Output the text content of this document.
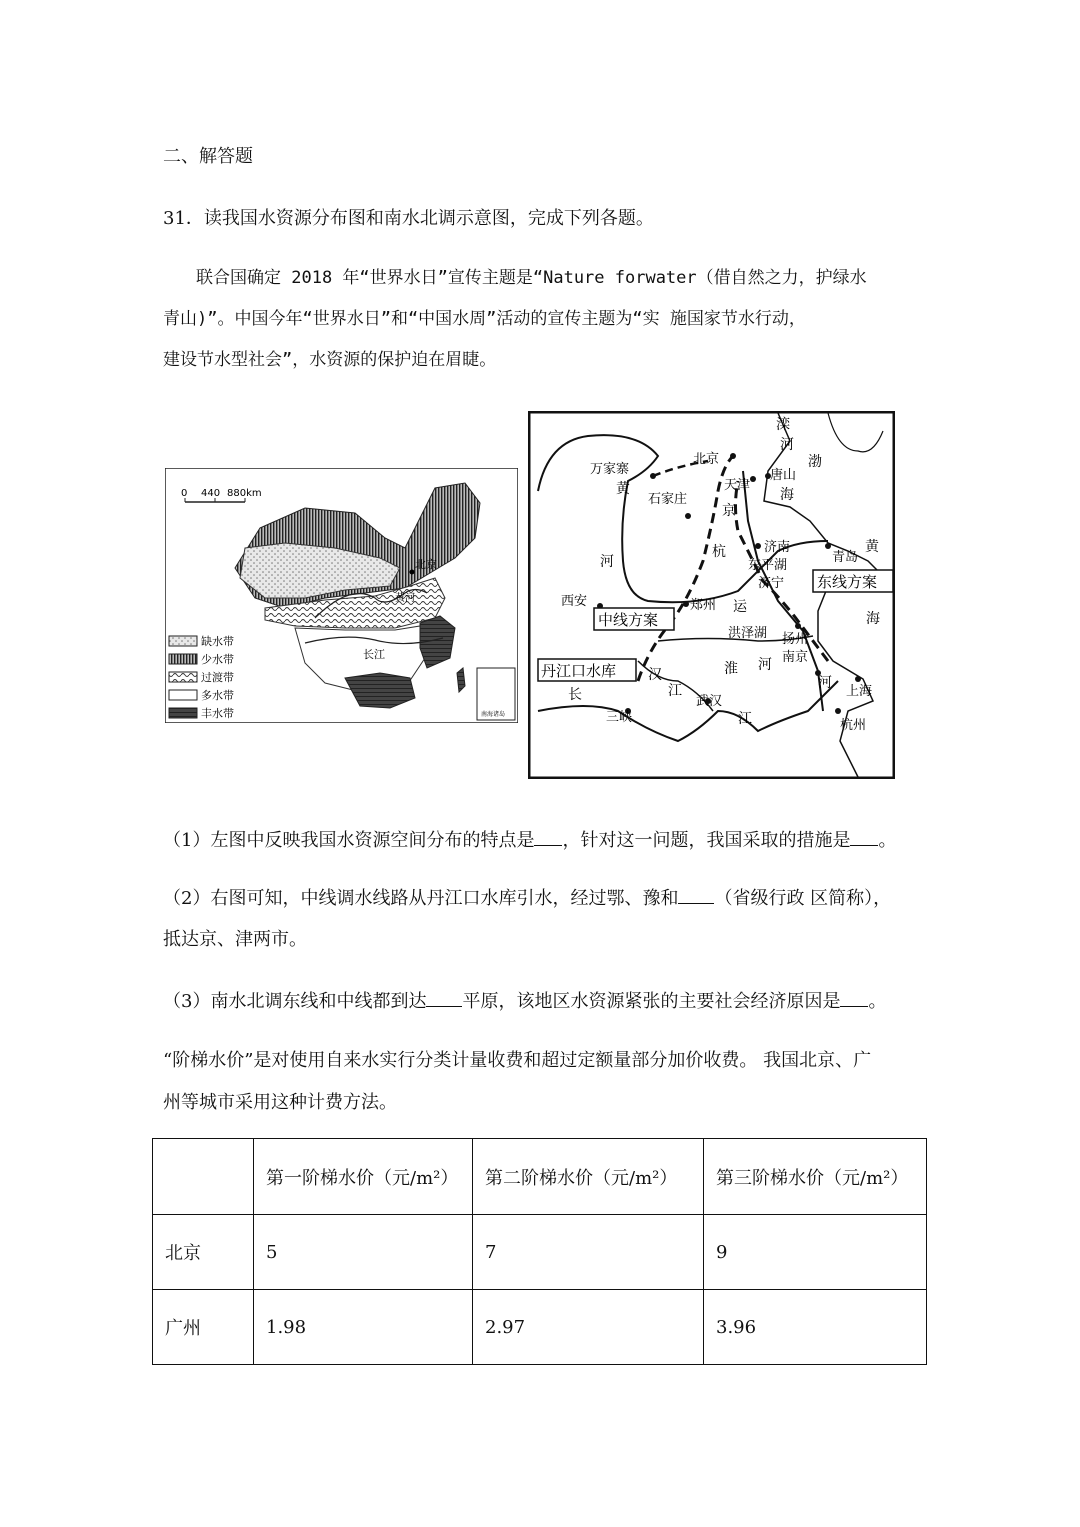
二、解答题
31．读我国水资源分布图和南水北调示意图，完成下列各题。
联合国确定 2018 年“世界水日”宣传主题是“Nature forwater（借自然之力，护绿水
青山)”。中国今年“世界水日”和“中国水周”活动的宣传主题为“实 施国家节水行动，
建设节水型社会”，水资源的保护迫在眉睫。
0 440 880km
北京
黄河
长江
南海诸岛
缺水带
少水带
过渡带
多水带
丰水带
滦
河
渤
北京
万家寨
黄
石家庄
天津
唐山
海
京
济南
青岛
黄
河
杭
东平湖
济宁
运
海
西安	郑州
洪泽湖
汉	淮 河
扬州
南京
河
上海
长	江
武汉
江
三峡
杭州
东线方案
中线方案
丹江口水库
（1）左图中反映我国水资源空间分布的特点是 ，针对这一问题，我国采取的措施是 。
（2）右图可知，中线调水线路从丹江口水库引水，经过鄂、豫和 （省级行政 区简称），
抵达京、津两市。
（3）南水北调东线和中线都到达 平原，该地区水资源紧张的主要社会经济原因是 。
“阶梯水价”是对使用自来水实行分类计量收费和超过定额量部分加价收费。 我国北京、广
州等城市采用这种计费方法。
	第一阶梯水价（元/m²）	第二阶梯水价（元/m²）	第三阶梯水价（元/m²）
北京	5	7	9
广州	1.98	2.97	3.96
